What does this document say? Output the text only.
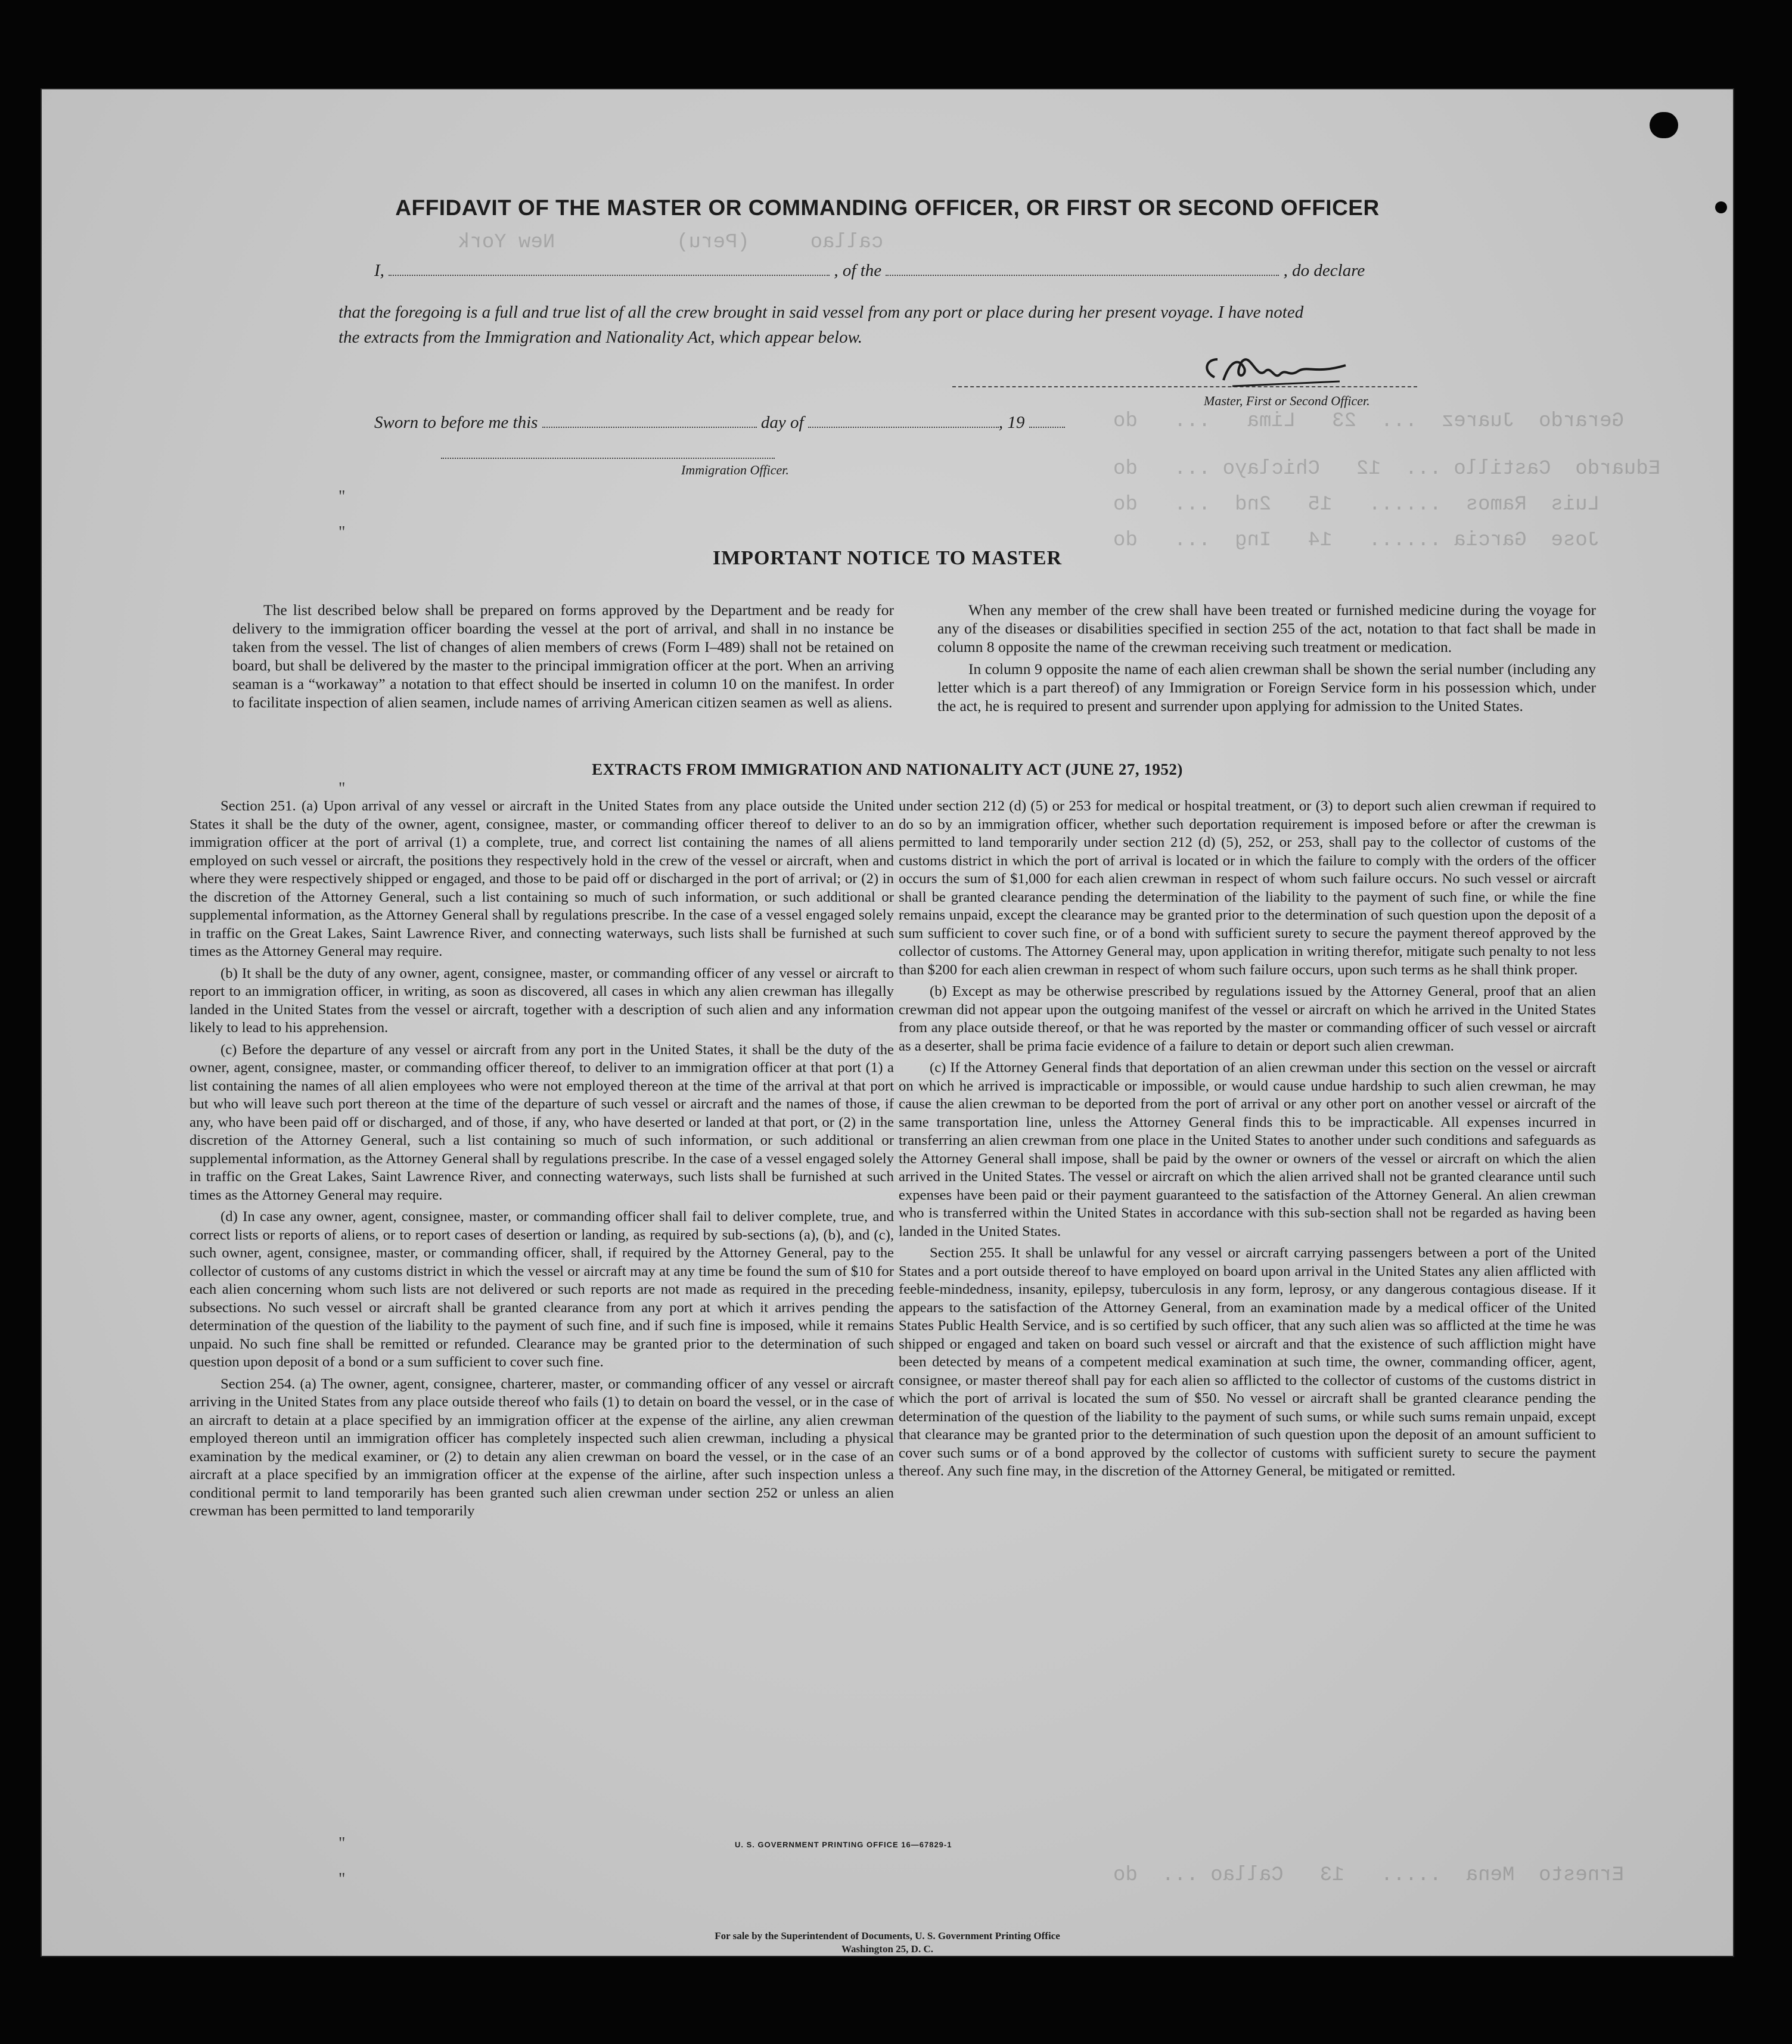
callao     (Peru)          New York
Gerardo  Juarez  ...  23   Lima   ...   do
Eduardo  Castillo ...  12   Chiclayo ...   do
Luis  Ramos  ......   15   2nd  ...   do
Jose  Garcia ......   14   Ing  ...   do
Ernesto  Mena  .....   13   Callao ...  do
"
"
"
"
"
AFFIDAVIT OF THE MASTER OR COMMANDING OFFICER, OR FIRST OR SECOND OFFICER
I,	, of the	, do declare
that the foregoing is a full and true list of all the crew brought in said vessel from any port or place during her present voyage. I have noted
the extracts from the Immigration and Nationality Act, which appear below.
Master, First or Second Officer.
Sworn to before me this	day of	, 19
Immigration Officer.
IMPORTANT NOTICE TO MASTER

The list described below shall be prepared on forms approved by the Department and be ready for delivery to the immigration officer boarding the vessel at the port of arrival, and shall in no instance be taken from the vessel. The list of changes of alien members of crews (Form I–489) shall not be retained on board, but shall be delivered by the master to the principal immigration officer at the port. When an arriving seaman is a “workaway” a notation to that effect should be inserted in column 10 on the manifest. In order to facilitate inspection of alien seamen, include names of arriving American citizen seamen as well as aliens.

When any member of the crew shall have been treated or furnished medicine during the voyage for any of the diseases or disabilities specified in section 255 of the act, notation to that fact shall be made in column 8 opposite the name of the crewman receiving such treatment or medication.

In column 9 opposite the name of each alien crewman shall be shown the serial number (including any letter which is a part thereof) of any Immigration or Foreign Service form in his possession which, under the act, he is required to present and surrender upon applying for admission to the United States.

EXTRACTS FROM IMMIGRATION AND NATIONALITY ACT (JUNE 27, 1952)

Section 251. (a) Upon arrival of any vessel or aircraft in the United States from any place outside the United States it shall be the duty of the owner, agent, consignee, master, or commanding officer thereof to deliver to an immigration officer at the port of arrival (1) a complete, true, and correct list containing the names of all aliens employed on such vessel or aircraft, the positions they respectively hold in the crew of the vessel or aircraft, when and where they were respectively shipped or engaged, and those to be paid off or discharged in the port of arrival; or (2) in the discretion of the Attorney General, such a list containing so much of such information, or such additional or supplemental information, as the Attorney General shall by regulations prescribe. In the case of a vessel engaged solely in traffic on the Great Lakes, Saint Lawrence River, and connecting waterways, such lists shall be furnished at such times as the Attorney General may require.

(b) It shall be the duty of any owner, agent, consignee, master, or commanding officer of any vessel or aircraft to report to an immigration officer, in writing, as soon as discovered, all cases in which any alien crewman has illegally landed in the United States from the vessel or aircraft, together with a description of such alien and any information likely to lead to his apprehension.

(c) Before the departure of any vessel or aircraft from any port in the United States, it shall be the duty of the owner, agent, consignee, master, or commanding officer thereof, to deliver to an immigration officer at that port (1) a list containing the names of all alien employees who were not employed thereon at the time of the arrival at that port but who will leave such port thereon at the time of the departure of such vessel or aircraft and the names of those, if any, who have been paid off or discharged, and of those, if any, who have deserted or landed at that port, or (2) in the discretion of the Attorney General, such a list containing so much of such information, or such additional or supplemental information, as the Attorney General shall by regulations prescribe. In the case of a vessel engaged solely in traffic on the Great Lakes, Saint Lawrence River, and connecting waterways, such lists shall be furnished at such times as the Attorney General may require.

(d) In case any owner, agent, consignee, master, or commanding officer shall fail to deliver complete, true, and correct lists or reports of aliens, or to report cases of desertion or landing, as required by sub-sections (a), (b), and (c), such owner, agent, consignee, master, or commanding officer, shall, if required by the Attorney General, pay to the collector of customs of any customs district in which the vessel or aircraft may at any time be found the sum of $10 for each alien concerning whom such lists are not delivered or such reports are not made as required in the preceding subsections. No such vessel or aircraft shall be granted clearance from any port at which it arrives pending the determination of the question of the liability to the payment of such fine, and if such fine is imposed, while it remains unpaid. No such fine shall be remitted or refunded. Clearance may be granted prior to the determination of such question upon deposit of a bond or a sum sufficient to cover such fine.

Section 254. (a) The owner, agent, consignee, charterer, master, or commanding officer of any vessel or aircraft arriving in the United States from any place outside thereof who fails (1) to detain on board the vessel, or in the case of an aircraft to detain at a place specified by an immigration officer at the expense of the airline, any alien crewman employed thereon until an immigration officer has completely inspected such alien crewman, including a physical examination by the medical examiner, or (2) to detain any alien crewman on board the vessel, or in the case of an aircraft at a place specified by an immigration officer at the expense of the airline, after such inspection unless a conditional permit to land temporarily has been granted such alien crewman under section 252 or unless an alien crewman has been permitted to land temporarily

under section 212 (d) (5) or 253 for medical or hospital treatment, or (3) to deport such alien crewman if required to do so by an immigration officer, whether such deportation requirement is imposed before or after the crewman is permitted to land temporarily under section 212 (d) (5), 252, or 253, shall pay to the collector of customs of the customs district in which the port of arrival is located or in which the failure to comply with the orders of the officer occurs the sum of $1,000 for each alien crewman in respect of whom such failure occurs. No such vessel or aircraft shall be granted clearance pending the determination of the liability to the payment of such fine, or while the fine remains unpaid, except the clearance may be granted prior to the determination of such question upon the deposit of a sum sufficient to cover such fine, or of a bond with sufficient surety to secure the payment thereof approved by the collector of customs. The Attorney General may, upon application in writing therefor, mitigate such penalty to not less than $200 for each alien crewman in respect of whom such failure occurs, upon such terms as he shall think proper.

(b) Except as may be otherwise prescribed by regulations issued by the Attorney General, proof that an alien crewman did not appear upon the outgoing manifest of the vessel or aircraft on which he arrived in the United States from any place outside thereof, or that he was reported by the master or commanding officer of such vessel or aircraft as a deserter, shall be prima facie evidence of a failure to detain or deport such alien crewman.

(c) If the Attorney General finds that deportation of an alien crewman under this section on the vessel or aircraft on which he arrived is impracticable or impossible, or would cause undue hardship to such alien crewman, he may cause the alien crewman to be deported from the port of arrival or any other port on another vessel or aircraft of the same transportation line, unless the Attorney General finds this to be impracticable. All expenses incurred in transferring an alien crewman from one place in the United States to another under such conditions and safeguards as the Attorney General shall impose, shall be paid by the owner or owners of the vessel or aircraft on which the alien arrived in the United States. The vessel or aircraft on which the alien arrived shall not be granted clearance until such expenses have been paid or their payment guaranteed to the satisfaction of the Attorney General. An alien crewman who is transferred within the United States in accordance with this sub-section shall not be regarded as having been landed in the United States.

Section 255. It shall be unlawful for any vessel or aircraft carrying passengers between a port of the United States and a port outside thereof to have employed on board upon arrival in the United States any alien afflicted with feeble-mindedness, insanity, epilepsy, tuberculosis in any form, leprosy, or any dangerous contagious disease. If it appears to the satisfaction of the Attorney General, from an examination made by a medical officer of the United States Public Health Service, and is so certified by such officer, that any such alien was so afflicted at the time he was shipped or engaged and taken on board such vessel or aircraft and that the existence of such affliction might have been detected by means of a competent medical examination at such time, the owner, commanding officer, agent, consignee, or master thereof shall pay for each alien so afflicted to the collector of customs of the customs district in which the port of arrival is located the sum of $50. No vessel or aircraft shall be granted clearance pending the determination of the question of the liability to the payment of such sums, or while such sums remain unpaid, except that clearance may be granted prior to the determination of such question upon the deposit of an amount sufficient to cover such sums or of a bond approved by the collector of customs with sufficient surety to secure the payment thereof. Any such fine may, in the discretion of the Attorney General, be mitigated or remitted.

U. S. GOVERNMENT PRINTING OFFICE 16—67829-1
For sale by the Superintendent of Documents, U. S. Government Printing Office
Washington 25, D. C.
